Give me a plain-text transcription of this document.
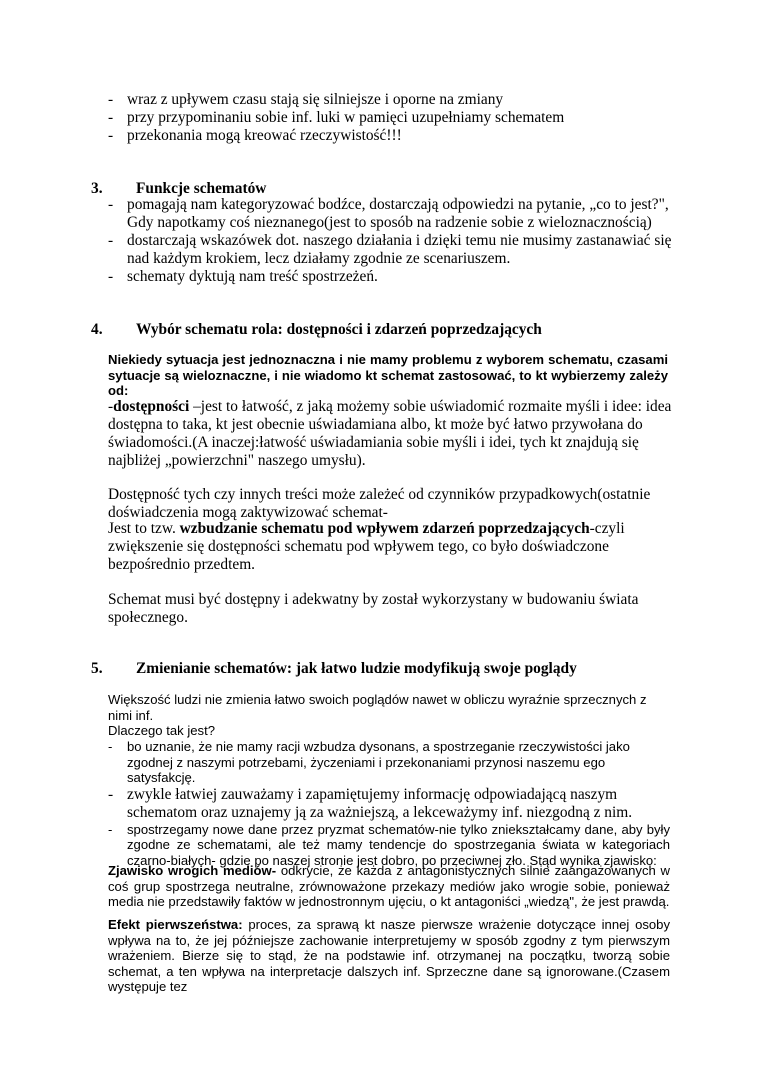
- wraz z upływem czasu stają się silniejsze i oporne na zmiany
- przy przypominaniu sobie inf. luki w pamięci uzupełniamy schematem
- przekonania mogą kreować rzeczywistość!!!
3. Funkcje schematów
- pomagają nam kategoryzować bodźce, dostarczają odpowiedzi na pytanie, „co to jest?", Gdy napotkamy coś nieznanego(jest to sposób na radzenie sobie z wieloznacznością)
- dostarczają wskazówek dot. naszego działania i dzięki temu nie musimy zastanawiać się nad każdym krokiem, lecz działamy zgodnie ze scenariuszem.
- schematy dyktują nam treść spostrzeżeń.
4. Wybór schematu rola: dostępności i zdarzeń poprzedzających

Niekiedy sytuacja jest jednoznaczna i nie mamy problemu z wyborem schematu, czasami sytuacje są wieloznaczne, i nie wiadomo kt schemat zastosować, to kt wybierzemy zależy od:

-dostępności –jest to łatwość, z jaką możemy sobie uświadomić rozmaite myśli i idee: idea dostępna to taka, kt jest obecnie uświadamiana albo, kt może być łatwo przywołana do świadomości.(A inaczej:łatwość uświadamiania sobie myśli i idei, tych kt znajdują się najbliżej „powierzchni" naszego umysłu).

Dostępność tych czy innych treści może zależeć od czynników przypadkowych(ostatnie doświadczenia mogą zaktywizować schemat-

Jest to tzw. wzbudzanie schematu pod wpływem zdarzeń poprzedzających-czyli zwiększenie się dostępności schematu pod wpływem tego, co było doświadczone bezpośrednio przedtem.

Schemat musi być dostępny i adekwatny by został wykorzystany w budowaniu świata społecznego.

5. Zmienianie schematów: jak łatwo ludzie modyfikują swoje poglądy

Większość ludzi nie zmienia łatwo swoich poglądów nawet w obliczu wyraźnie sprzecznych z nimi inf.

Dlaczego tak jest?

- bo uznanie, że nie mamy racji wzbudza dysonans, a spostrzeganie rzeczywistości jako zgodnej z naszymi potrzebami, życzeniami i przekonaniami przynosi naszemu ego satysfakcję.
- zwykle łatwiej zauważamy i zapamiętujemy informację odpowiadającą naszym schematom oraz uznajemy ją za ważniejszą, a lekceważymy inf. niezgodną z nim.
- spostrzegamy nowe dane przez pryzmat schematów-nie tylko zniekształcamy dane, aby były zgodne ze schematami, ale też mamy tendencje do spostrzegania świata w kategoriach czarno-białych- gdzie po naszej stronie jest dobro, po przeciwnej zło. Stąd wynika zjawisko:

Zjawisko wrogich mediów- odkrycie, że każda z antagonistycznych silnie zaangażowanych w coś grup spostrzega neutralne, zrównoważone przekazy mediów jako wrogie sobie, ponieważ media nie przedstawiły faktów w jednostronnym ujęciu, o kt antagoniści „wiedzą", że jest prawdą.

Efekt pierwszeństwa: proces, za sprawą kt nasze pierwsze wrażenie dotyczące innej osoby wpływa na to, że jej późniejsze zachowanie interpretujemy w sposób zgodny z tym pierwszym wrażeniem. Bierze się to stąd, że na podstawie inf. otrzymanej na początku, tworzą sobie schemat, a ten wpływa na interpretacje dalszych inf. Sprzeczne dane są ignorowane.(Czasem występuje tez
